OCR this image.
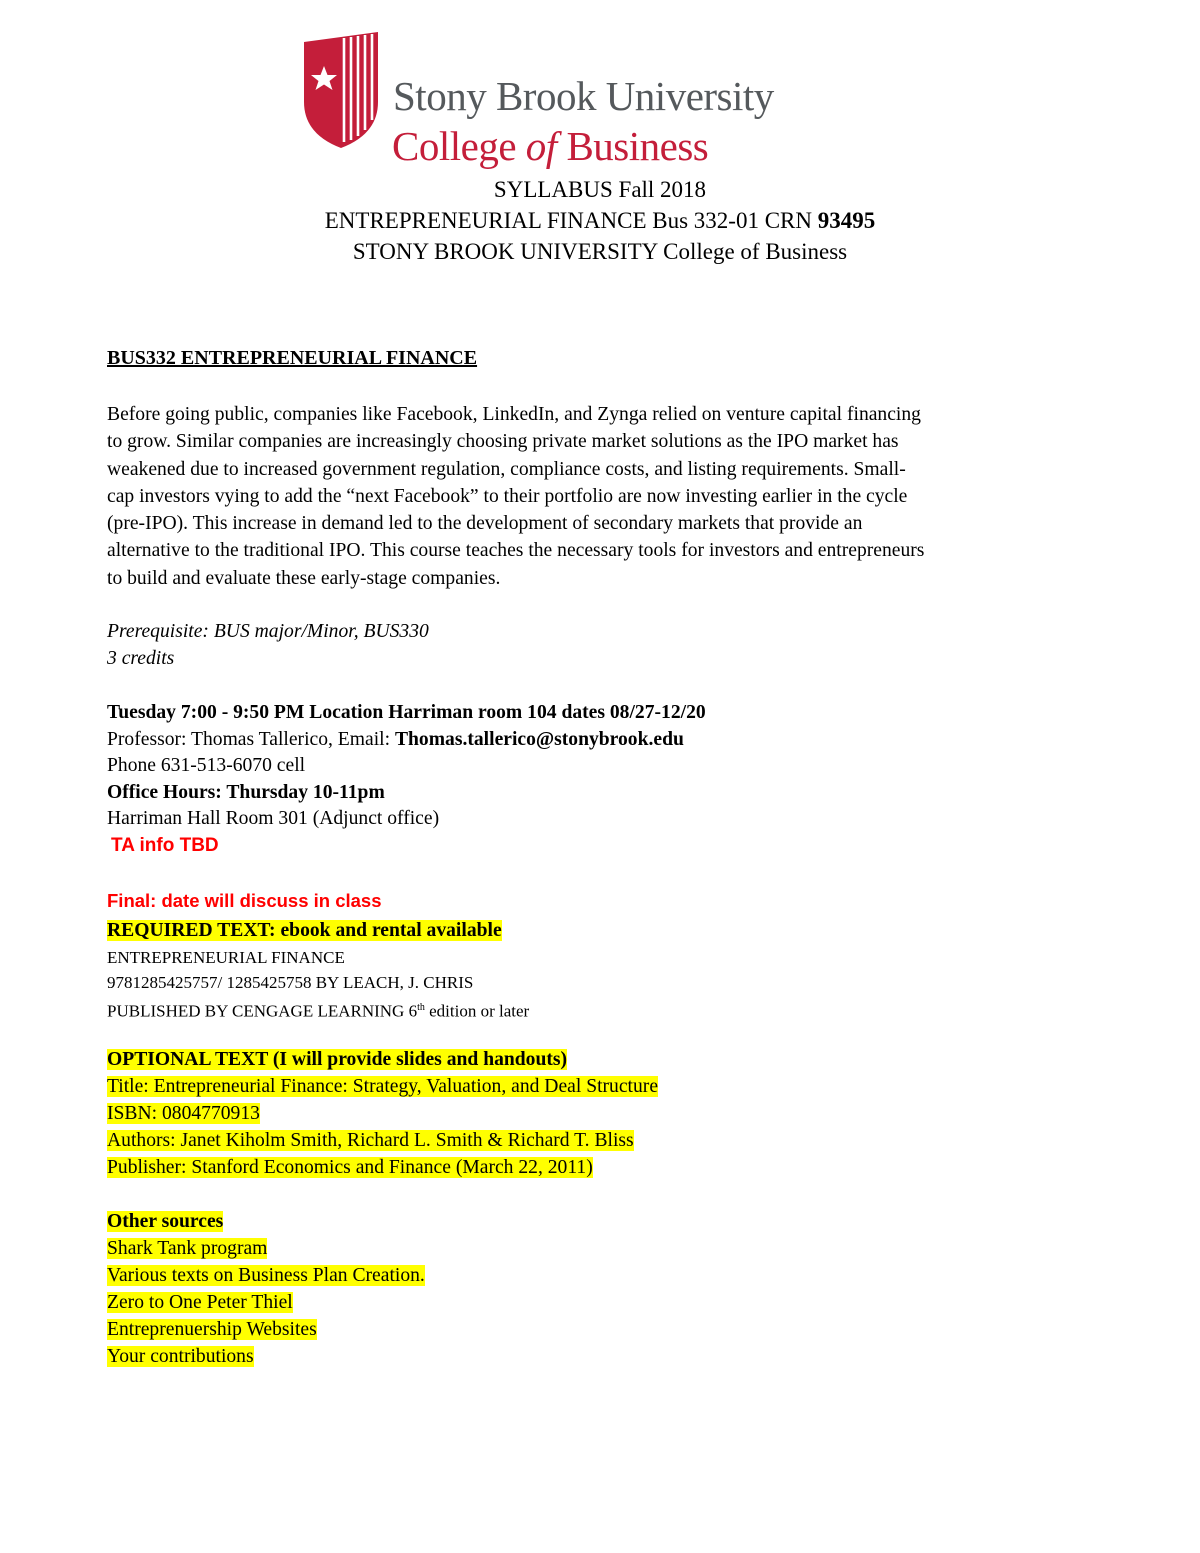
Stony Brook University
College of Business
SYLLABUS Fall 2018
ENTREPRENEURIAL FINANCE Bus 332-01 CRN 93495
STONY BROOK UNIVERSITY College of Business
BUS332 ENTREPRENEURIAL FINANCE
Before going public, companies like Facebook, LinkedIn, and Zynga relied on venture capital financing
to grow. Similar companies are increasingly choosing private market solutions as the IPO market has
weakened due to increased government regulation, compliance costs, and listing requirements. Small-
cap investors vying to add the “next Facebook” to their portfolio are now investing earlier in the cycle
(pre-IPO). This increase in demand led to the development of secondary markets that provide an
alternative to the traditional IPO. This course teaches the necessary tools for investors and entrepreneurs
to build and evaluate these early-stage companies.
Prerequisite: BUS major/Minor, BUS330
3 credits
Tuesday 7:00 - 9:50 PM Location Harriman room 104 dates 08/27-12/20
Professor: Thomas Tallerico, Email: Thomas.tallerico@stonybrook.edu
Phone 631-513-6070 cell
Office Hours: Thursday 10-11pm
Harriman Hall Room 301 (Adjunct office)
TA info TBD
Final: date will discuss in class
REQUIRED TEXT: ebook and rental available
ENTREPRENEURIAL FINANCE
9781285425757/ 1285425758 BY LEACH, J. CHRIS
PUBLISHED BY CENGAGE LEARNING 6th edition or later
OPTIONAL TEXT (I will provide slides and handouts)
Title: Entrepreneurial Finance: Strategy, Valuation, and Deal Structure
ISBN: 0804770913
Authors: Janet Kiholm Smith, Richard L. Smith & Richard T. Bliss
Publisher: Stanford Economics and Finance (March 22, 2011)
Other sources
Shark Tank program
Various texts on Business Plan Creation.
Zero to One Peter Thiel
Entreprenuership Websites
Your contributions
